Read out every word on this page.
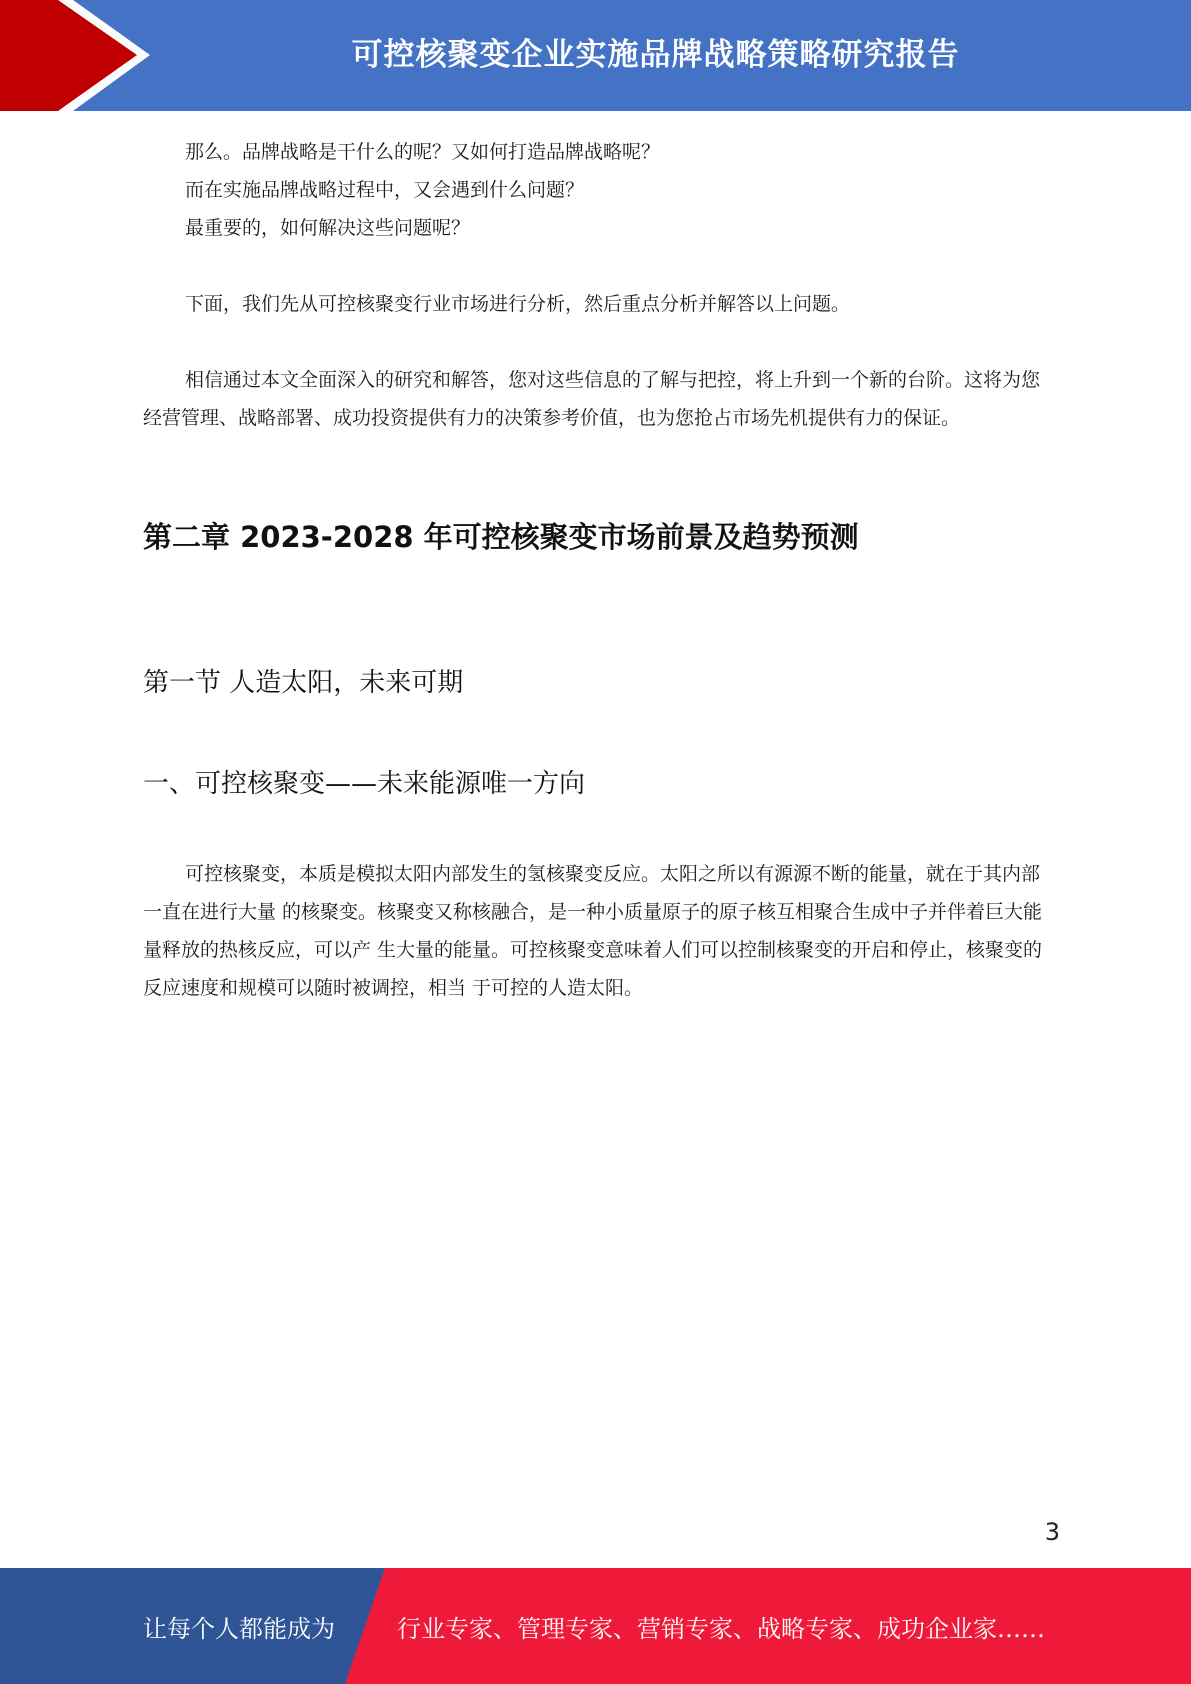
可控核聚变企业实施品牌战略策略研究报告

那么。品牌战略是干什么的呢？又如何打造品牌战略呢？

而在实施品牌战略过程中，又会遇到什么问题？

最重要的，如何解决这些问题呢？

下面，我们先从可控核聚变行业市场进行分析，然后重点分析并解答以上问题。

相信通过本文全面深入的研究和解答，您对这些信息的了解与把控，将上升到一个新的台阶。这将为您经营管理、战略部署、成功投资提供有力的决策参考价值，也为您抢占市场先机提供有力的保证。

第二章 2023-2028 年可控核聚变市场前景及趋势预测
第一节 人造太阳，未来可期
一、可控核聚变——未来能源唯一方向

可控核聚变，本质是模拟太阳内部发生的氢核聚变反应。太阳之所以有源源不断的能量，就在于其内部一直在进行大量 的核聚变。核聚变又称核融合，是一种小质量原子的原子核互相聚合生成中子并伴着巨大能量释放的热核反应，可以产 生大量的能量。可控核聚变意味着人们可以控制核聚变的开启和停止，核聚变的反应速度和规模可以随时被调控，相当 于可控的人造太阳。

3
让每个人都能成为	行业专家、管理专家、营销专家、战略专家、成功企业家……
